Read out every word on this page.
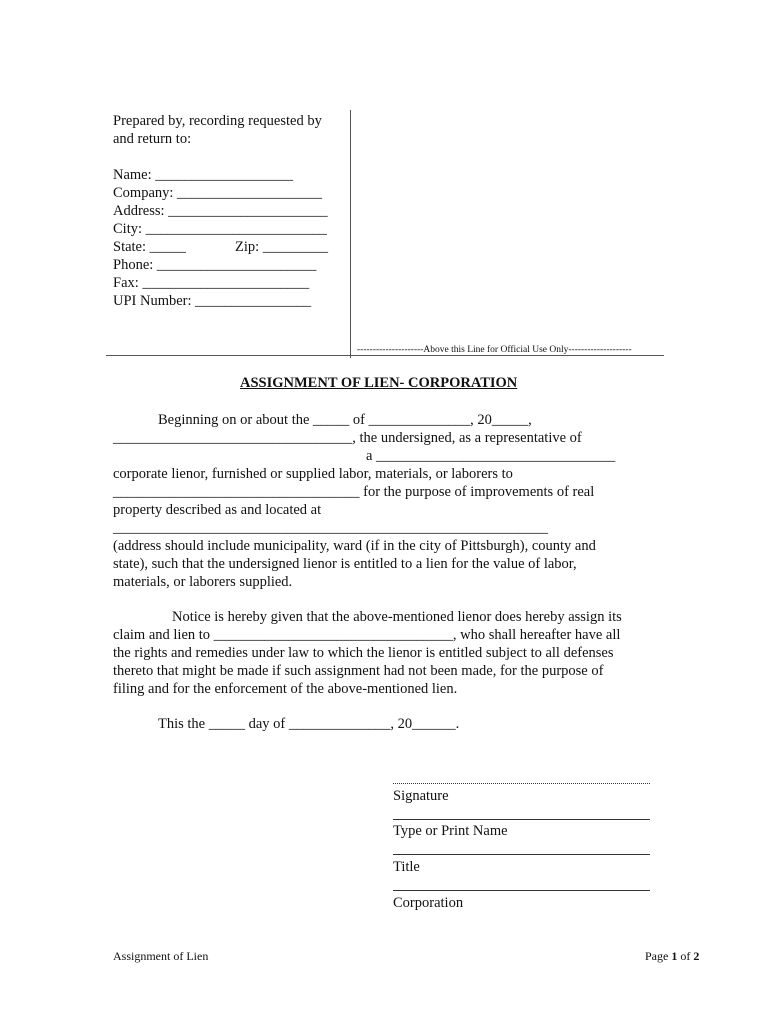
Prepared by, recording requested by
and return to:
Name: ___________________
Company: ____________________
Address: ______________________
City: _________________________
State: _____	Zip: _________
Phone: ______________________
Fax: _______________________
UPI Number: ________________
---------------------Above this Line for Official Use Only--------------------
ASSIGNMENT OF LIEN- CORPORATION
Beginning on or about the _____ of ______________, 20_____,
_________________________________, the undersigned, as a representative of
a _________________________________
corporate lienor, furnished or supplied labor, materials, or laborers to
__________________________________ for the purpose of improvements of real
property described as and located at
____________________________________________________________
(address should include municipality, ward (if in the city of Pittsburgh), county and
state), such that the undersigned lienor is entitled to a lien for the value of labor,
materials, or laborers supplied.
Notice is hereby given that the above-mentioned lienor does hereby assign its
claim and lien to _________________________________, who shall hereafter have all
the rights and remedies under law to which the lienor is entitled subject to all defenses
thereto that might be made if such assignment had not been made, for the purpose of
filing and for the enforcement of the above-mentioned lien.
This the _____ day of ______________, 20______.
Signature
Type or Print Name
Title
Corporation
Assignment of Lien	Page 1 of 2
